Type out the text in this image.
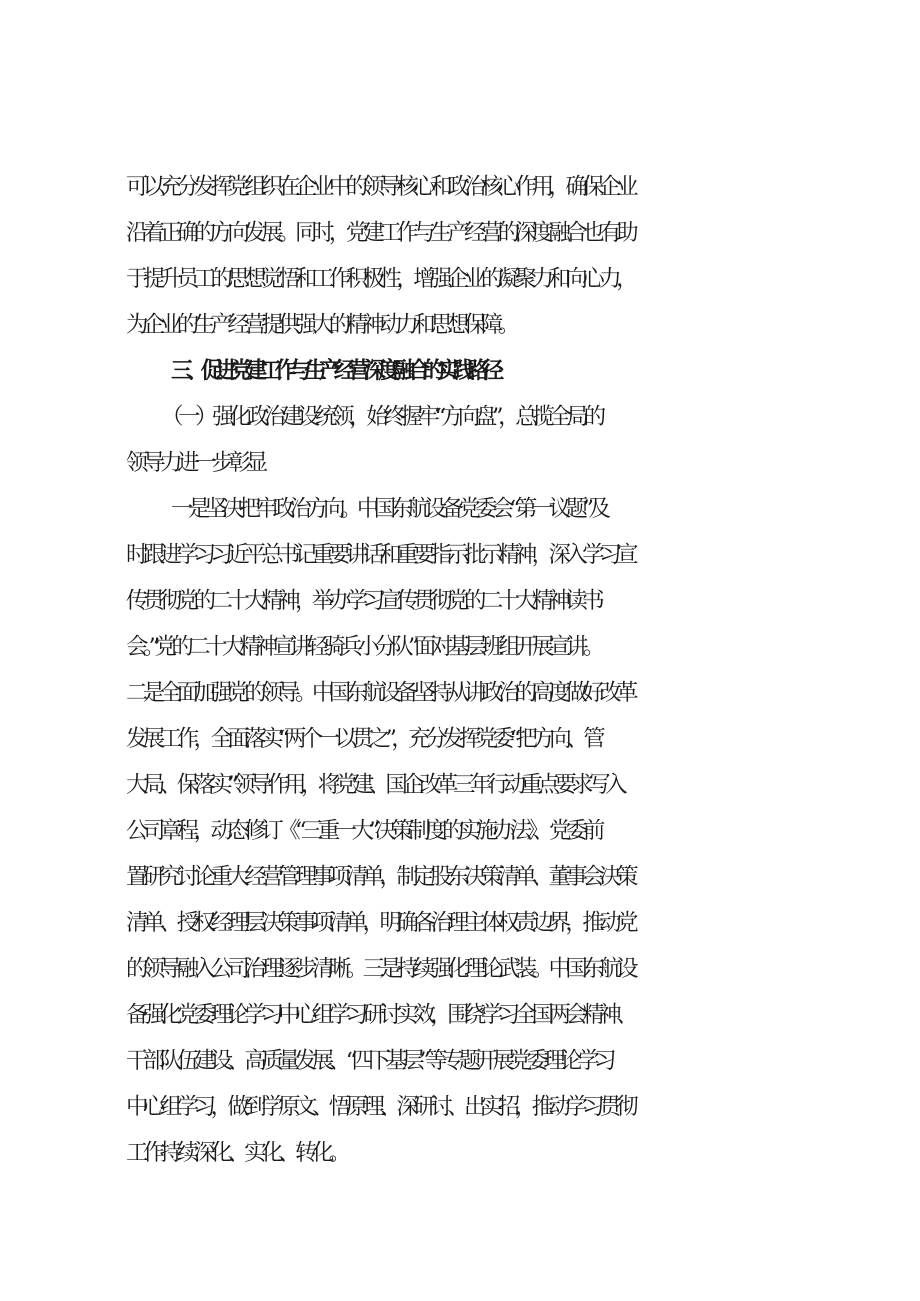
可以充分发挥党组织在企业中的领导核心和政治核心作用，确保企业
沿着正确的方向发展。同时，党建工作与生产经营的深度融合也有助
于提升员工的思想觉悟和工作积极性，增强企业的凝聚力和向心力，
为企业的生产经营提供强大的精神动力和思想保障。
三、促进党建工作与生产经营深度融合的实践路径
（一）强化政治建设统领，始终握牢“方向盘”，总揽全局的
领导力进一步彰显
一是坚决把牢政治方向。中国东航设备党委会“第一议题”及
时跟进学习习近平总书记重要讲话和重要指示批示精神，深入学习宣
传贯彻党的二十大精神，举办学习宣传贯彻党的二十大精神读书
会。”党的二十大精神宣讲轻骑兵小分队”面对基层班组开展宣讲。
二是全面加强党的领导。中国东航设备坚持从讲政治的高度做好改革
发展工作，全面落实“两个一以贯之”，充分发挥党委“把方向、管
大局、保落实”领导作用，将党建、国企改革三年行动重点要求写入
公司章程，动态修订《“三重一大”决策制度的实施办法》、党委前
置研究讨论重大经营管理事项清单，制定股东决策清单、董事会决策
清单、授权经理层决策事项清单，明确各治理主体权责边界，推动党
的领导融入公司治理逐步清晰。三是持续强化理论武装。中国东航设
备强化党委理论学习中心组学习研讨实效，围绕学习全国两会精神、
干部队伍建设、高质量发展、“四下基层”等专题开展党委理论学习
中心组学习，做到学原文、悟原理、深研讨、出实招，推动学习贯彻
工作持续深化、实化、转化。
